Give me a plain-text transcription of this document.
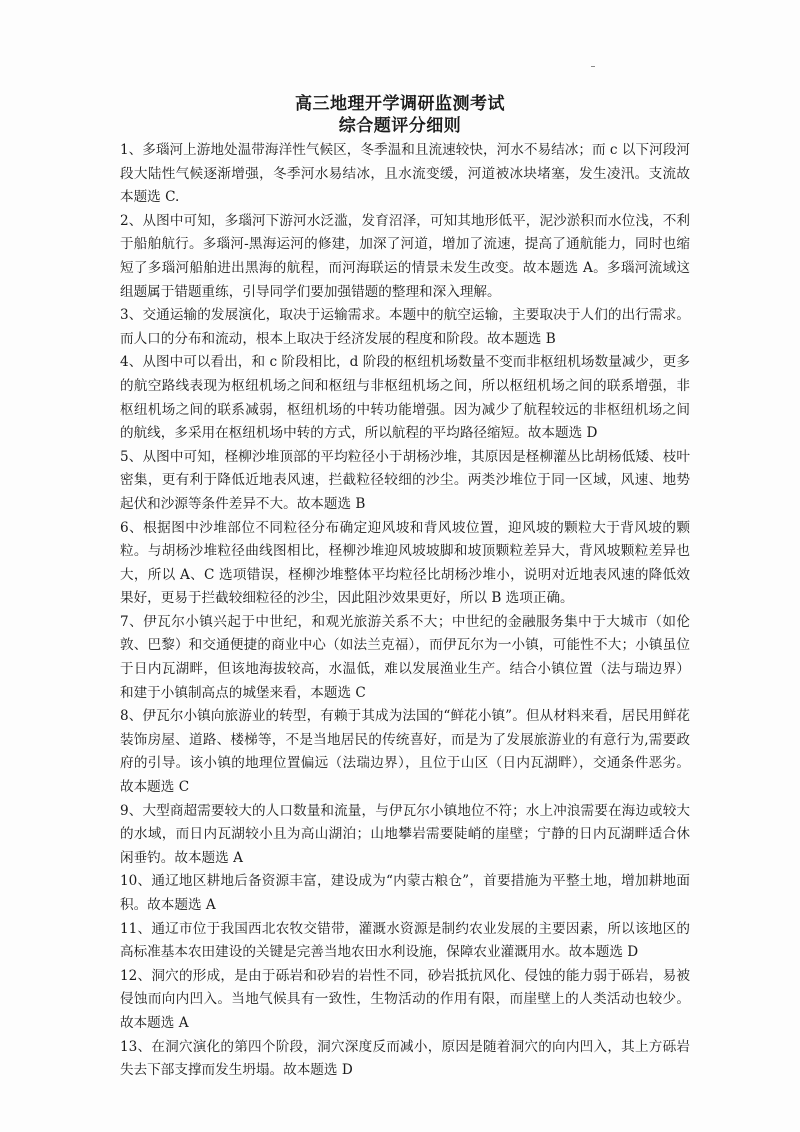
高三地理开学调研监测考试
综合题评分细则

1、多瑙河上游地处温带海洋性气候区，冬季温和且流速较快，河水不易结冰；而 c 以下河段河段大陆性气候逐渐增强，冬季河水易结冰，且水流变缓，河道被冰块堵塞，发生凌汛。支流故本题选 C.

2、从图中可知，多瑙河下游河水泛滥，发育沼泽，可知其地形低平，泥沙淤积而水位浅，不利于船舶航行。多瑙河-黑海运河的修建，加深了河道，增加了流速，提高了通航能力，同时也缩短了多瑙河船舶进出黑海的航程，而河海联运的情景未发生改变。故本题选 A。多瑙河流域这组题属于错题重练，引导同学们要加强错题的整理和深入理解。

3、交通运输的发展演化，取决于运输需求。本题中的航空运输，主要取决于人们的出行需求。而人口的分布和流动，根本上取决于经济发展的程度和阶段。故本题选 B

4、从图中可以看出，和 c 阶段相比，d 阶段的枢纽机场数量不变而非枢纽机场数量减少，更多的航空路线表现为枢纽机场之间和枢纽与非枢纽机场之间，所以枢纽机场之间的联系增强，非枢纽机场之间的联系减弱，枢纽机场的中转功能增强。因为减少了航程较远的非枢纽机场之间的航线，多采用在枢纽机场中转的方式，所以航程的平均路径缩短。故本题选 D

5、从图中可知，柽柳沙堆顶部的平均粒径小于胡杨沙堆，其原因是柽柳灌丛比胡杨低矮、枝叶密集，更有利于降低近地表风速，拦截粒径较细的沙尘。两类沙堆位于同一区域，风速、地势起伏和沙源等条件差异不大。故本题选 B

6、根据图中沙堆部位不同粒径分布确定迎风坡和背风坡位置，迎风坡的颗粒大于背风坡的颗粒。与胡杨沙堆粒径曲线图相比，柽柳沙堆迎风坡坡脚和坡顶颗粒差异大，背风坡颗粒差异也大，所以 A、C 选项错误，柽柳沙堆整体平均粒径比胡杨沙堆小，说明对近地表风速的降低效果好，更易于拦截较细粒径的沙尘，因此阻沙效果更好，所以 B 选项正确。

7、伊瓦尔小镇兴起于中世纪，和观光旅游关系不大；中世纪的金融服务集中于大城市（如伦敦、巴黎）和交通便捷的商业中心（如法兰克福），而伊瓦尔为一小镇，可能性不大；小镇虽位于日内瓦湖畔，但该地海拔较高，水温低，难以发展渔业生产。结合小镇位置（法与瑞边界）和建于小镇制高点的城堡来看，本题选 C

8、伊瓦尔小镇向旅游业的转型，有赖于其成为法国的“鲜花小镇”。但从材料来看，居民用鲜花装饰房屋、道路、楼梯等，不是当地居民的传统喜好，而是为了发展旅游业的有意行为,需要政府的引导。该小镇的地理位置偏远（法瑞边界），且位于山区（日内瓦湖畔），交通条件恶劣。故本题选 C

9、大型商超需要较大的人口数量和流量，与伊瓦尔小镇地位不符；水上冲浪需要在海边或较大的水域，而日内瓦湖较小且为高山湖泊；山地攀岩需要陡峭的崖壁；宁静的日内瓦湖畔适合休闲垂钓。故本题选 A

10、通辽地区耕地后备资源丰富，建设成为“内蒙古粮仓”，首要措施为平整土地，增加耕地面积。故本题选 A

11、通辽市位于我国西北农牧交错带，灌溉水资源是制约农业发展的主要因素，所以该地区的高标准基本农田建设的关键是完善当地农田水利设施，保障农业灌溉用水。故本题选 D

12、洞穴的形成，是由于砾岩和砂岩的岩性不同，砂岩抵抗风化、侵蚀的能力弱于砾岩，易被侵蚀而向内凹入。当地气候具有一致性，生物活动的作用有限，而崖壁上的人类活动也较少。故本题选 A

13、在洞穴演化的第四个阶段，洞穴深度反而减小，原因是随着洞穴的向内凹入，其上方砾岩失去下部支撑而发生坍塌。故本题选 D
